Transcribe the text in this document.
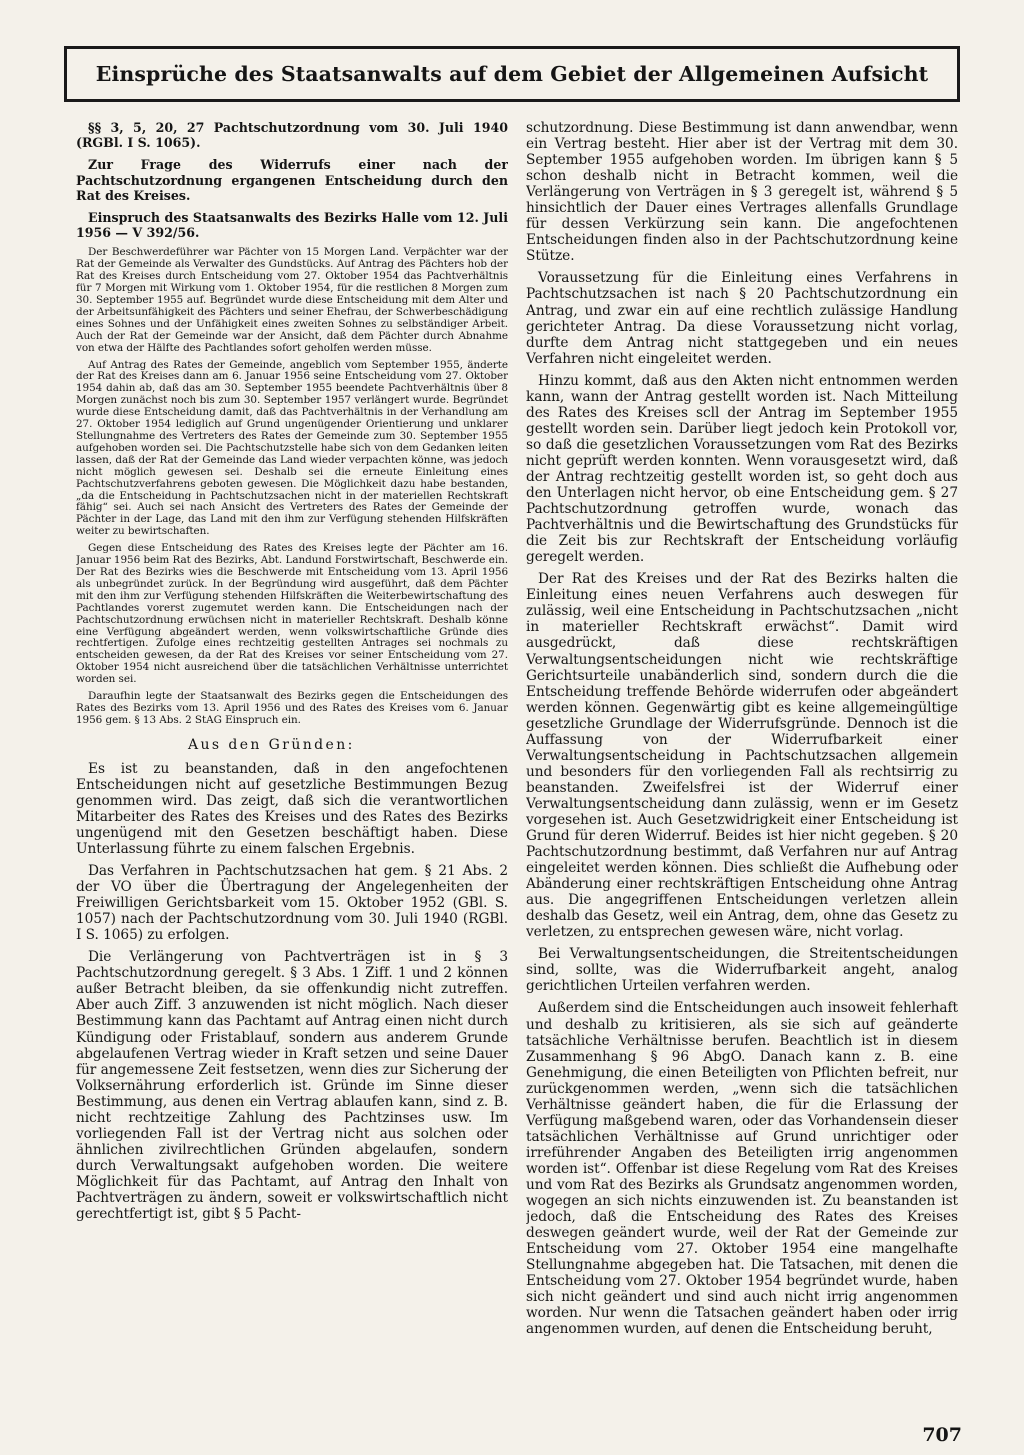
Einsprüche des Staatsanwalts auf dem Gebiet der Allgemeinen Aufsicht

§§ 3, 5, 20, 27 Pachtschutzordnung vom 30. Juli 1940 (RGBl. I S. 1065).

Zur Frage des Widerrufs einer nach der Pachtschutzordnung ergangenen Entscheidung durch den Rat des Kreises.

Einspruch des Staatsanwalts des Bezirks Halle vom 12. Juli 1956 — V 392/56.

Der Beschwerdeführer war Pächter von 15 Morgen Land. Verpächter war der Rat der Gemeinde als Verwalter des Gundstücks. Auf Antrag des Pächters hob der Rat des Kreises durch Entscheidung vom 27. Oktober 1954 das Pachtverhältnis für 7 Morgen mit Wirkung vom 1. Oktober 1954, für die restlichen 8 Morgen zum 30. September 1955 auf. Begründet wurde diese Entscheidung mit dem Alter und der Arbeitsunfähigkeit des Pächters und seiner Ehefrau, der Schwerbeschädigung eines Sohnes und der Unfähigkeit eines zweiten Sohnes zu selbständiger Arbeit. Auch der Rat der Gemeinde war der Ansicht, daß dem Pächter durch Abnahme von etwa der Hälfte des Pachtlandes sofort geholfen werden müsse.

Auf Antrag des Rates der Gemeinde, angeblich vom September 1955, änderte der Rat des Kreises dann am 6. Januar 1956 seine Entscheidung vom 27. Oktober 1954 dahin ab, daß das am 30. September 1955 beendete Pachtverhältnis über 8 Morgen zunächst noch bis zum 30. September 1957 verlängert wurde. Begründet wurde diese Entscheidung damit, daß das Pachtverhältnis in der Verhandlung am 27. Oktober 1954 lediglich auf Grund ungenügender Orientierung und unklarer Stellungnahme des Vertreters des Rates der Gemeinde zum 30. September 1955 aufgehoben worden sei. Die Pachtschutzstelle habe sich von dem Gedanken leiten lassen, daß der Rat der Gemeinde das Land wieder verpachten könne, was jedoch nicht möglich gewesen sei. Deshalb sei die erneute Einleitung eines Pachtschutzverfahrens geboten gewesen. Die Möglichkeit dazu habe bestanden, „da die Entscheidung in Pachtschutzsachen nicht in der materiellen Rechtskraft fähig“ sei. Auch sei nach Ansicht des Vertreters des Rates der Gemeinde der Pächter in der Lage, das Land mit den ihm zur Verfügung stehenden Hilfskräften weiter zu bewirtschaften.

Gegen diese Entscheidung des Rates des Kreises legte der Pächter am 16. Januar 1956 beim Rat des Bezirks, Abt. Landund Forstwirtschaft, Beschwerde ein. Der Rat des Bezirks wies die Beschwerde mit Entscheidung vom 13. April 1956 als unbegründet zurück. In der Begründung wird ausgeführt, daß dem Pächter mit den ihm zur Verfügung stehenden Hilfskräften die Weiterbewirtschaftung des Pachtlandes vorerst zugemutet werden kann. Die Entscheidungen nach der Pachtschutzordnung erwüchsen nicht in materieller Rechtskraft. Deshalb könne eine Verfügung abgeändert werden, wenn volkswirtschaftliche Gründe dies rechtfertigen. Zufolge eines rechtzeitig gestellten Antrages sei nochmals zu entscheiden gewesen, da der Rat des Kreises vor seiner Entscheidung vom 27. Oktober 1954 nicht ausreichend über die tatsächlichen Verhältnisse unterrichtet worden sei.

Daraufhin legte der Staatsanwalt des Bezirks gegen die Entscheidungen des Rates des Bezirks vom 13. April 1956 und des Rates des Kreises vom 6. Januar 1956 gem. § 13 Abs. 2 StAG Einspruch ein.

Aus den Gründen:

Es ist zu beanstanden, daß in den angefochtenen Entscheidungen nicht auf gesetzliche Bestimmungen Bezug genommen wird. Das zeigt, daß sich die verantwortlichen Mitarbeiter des Rates des Kreises und des Rates des Bezirks ungenügend mit den Gesetzen beschäftigt haben. Diese Unterlassung führte zu einem falschen Ergebnis.

Das Verfahren in Pachtschutzsachen hat gem. § 21 Abs. 2 der VO über die Übertragung der Angelegenheiten der Freiwilligen Gerichtsbarkeit vom 15. Oktober 1952 (GBl. S. 1057) nach der Pachtschutzordnung vom 30. Juli 1940 (RGBl. I S. 1065) zu erfolgen.

Die Verlängerung von Pachtverträgen ist in § 3 Pachtschutzordnung geregelt. § 3 Abs. 1 Ziff. 1 und 2 können außer Betracht bleiben, da sie offenkundig nicht zutreffen. Aber auch Ziff. 3 anzuwenden ist nicht möglich. Nach dieser Bestimmung kann das Pachtamt auf Antrag einen nicht durch Kündigung oder Fristablauf, sondern aus anderem Grunde abgelaufenen Vertrag wieder in Kraft setzen und seine Dauer für angemessene Zeit festsetzen, wenn dies zur Sicherung der Volksernährung erforderlich ist. Gründe im Sinne dieser Bestimmung, aus denen ein Vertrag ablaufen kann, sind z. B. nicht rechtzeitige Zahlung des Pachtzinses usw. Im vorliegenden Fall ist der Vertrag nicht aus solchen oder ähnlichen zivilrechtlichen Gründen abgelaufen, sondern durch Verwaltungsakt aufgehoben worden. Die weitere Möglichkeit für das Pachtamt, auf Antrag den Inhalt von Pachtverträgen zu ändern, soweit er volkswirtschaftlich nicht gerechtfertigt ist, gibt § 5 Pacht-

schutzordnung. Diese Bestimmung ist dann anwendbar, wenn ein Vertrag besteht. Hier aber ist der Vertrag mit dem 30. September 1955 aufgehoben worden. Im übrigen kann § 5 schon deshalb nicht in Betracht kommen, weil die Verlängerung von Verträgen in § 3 geregelt ist, während § 5 hinsichtlich der Dauer eines Vertrages allenfalls Grundlage für dessen Verkürzung sein kann. Die angefochtenen Entscheidungen finden also in der Pachtschutzordnung keine Stütze.

Voraussetzung für die Einleitung eines Verfahrens in Pachtschutzsachen ist nach § 20 Pachtschutzordnung ein Antrag, und zwar ein auf eine rechtlich zulässige Handlung gerichteter Antrag. Da diese Voraussetzung nicht vorlag, durfte dem Antrag nicht stattgegeben und ein neues Verfahren nicht eingeleitet werden.

Hinzu kommt, daß aus den Akten nicht entnommen werden kann, wann der Antrag gestellt worden ist. Nach Mitteilung des Rates des Kreises scll der Antrag im September 1955 gestellt worden sein. Darüber liegt jedoch kein Protokoll vor, so daß die gesetzlichen Voraussetzungen vom Rat des Bezirks nicht geprüft werden konnten. Wenn vorausgesetzt wird, daß der Antrag rechtzeitig gestellt worden ist, so geht doch aus den Unterlagen nicht hervor, ob eine Entscheidung gem. § 27 Pachtschutzordnung getroffen wurde, wonach das Pachtverhältnis und die Bewirtschaftung des Grundstücks für die Zeit bis zur Rechtskraft der Entscheidung vorläufig geregelt werden.

Der Rat des Kreises und der Rat des Bezirks halten die Einleitung eines neuen Verfahrens auch deswegen für zulässig, weil eine Entscheidung in Pachtschutzsachen „nicht in materieller Rechtskraft erwächst“. Damit wird ausgedrückt, daß diese rechtskräftigen Verwaltungsentscheidungen nicht wie rechtskräftige Gerichtsurteile unabänderlich sind, sondern durch die die Entscheidung treffende Behörde widerrufen oder abgeändert werden können. Gegenwärtig gibt es keine allgemeingültige gesetzliche Grundlage der Widerrufsgründe. Dennoch ist die Auffassung von der Widerrufbarkeit einer Verwaltungsentscheidung in Pachtschutzsachen allgemein und besonders für den vorliegenden Fall als rechtsirrig zu beanstanden. Zweifelsfrei ist der Widerruf einer Verwaltungsentscheidung dann zulässig, wenn er im Gesetz vorgesehen ist. Auch Gesetzwidrigkeit einer Entscheidung ist Grund für deren Widerruf. Beides ist hier nicht gegeben. § 20 Pachtschutzordnung bestimmt, daß Verfahren nur auf Antrag eingeleitet werden können. Dies schließt die Aufhebung oder Abänderung einer rechtskräftigen Entscheidung ohne Antrag aus. Die angegriffenen Entscheidungen verletzen allein deshalb das Gesetz, weil ein Antrag, dem, ohne das Gesetz zu verletzen, zu entsprechen gewesen wäre, nicht vorlag.

Bei Verwaltungsentscheidungen, die Streitentscheidungen sind, sollte, was die Widerrufbarkeit angeht, analog gerichtlichen Urteilen verfahren werden.

Außerdem sind die Entscheidungen auch insoweit fehlerhaft und deshalb zu kritisieren, als sie sich auf geänderte tatsächliche Verhältnisse berufen. Beachtlich ist in diesem Zusammenhang § 96 AbgO. Danach kann z. B. eine Genehmigung, die einen Beteiligten von Pflichten befreit, nur zurückgenommen werden, „wenn sich die tatsächlichen Verhältnisse geändert haben, die für die Erlassung der Verfügung maßgebend waren, oder das Vorhandensein dieser tatsächlichen Verhältnisse auf Grund unrichtiger oder irreführender Angaben des Beteiligten irrig angenommen worden ist“. Offenbar ist diese Regelung vom Rat des Kreises und vom Rat des Bezirks als Grundsatz angenommen worden, wogegen an sich nichts einzuwenden ist. Zu beanstanden ist jedoch, daß die Entscheidung des Rates des Kreises deswegen geändert wurde, weil der Rat der Gemeinde zur Entscheidung vom 27. Oktober 1954 eine mangelhafte Stellungnahme abgegeben hat. Die Tatsachen, mit denen die Entscheidung vom 27. Oktober 1954 begründet wurde, haben sich nicht geändert und sind auch nicht irrig angenommen worden. Nur wenn die Tatsachen geändert haben oder irrig angenommen wurden, auf denen die Entscheidung beruht,

707
